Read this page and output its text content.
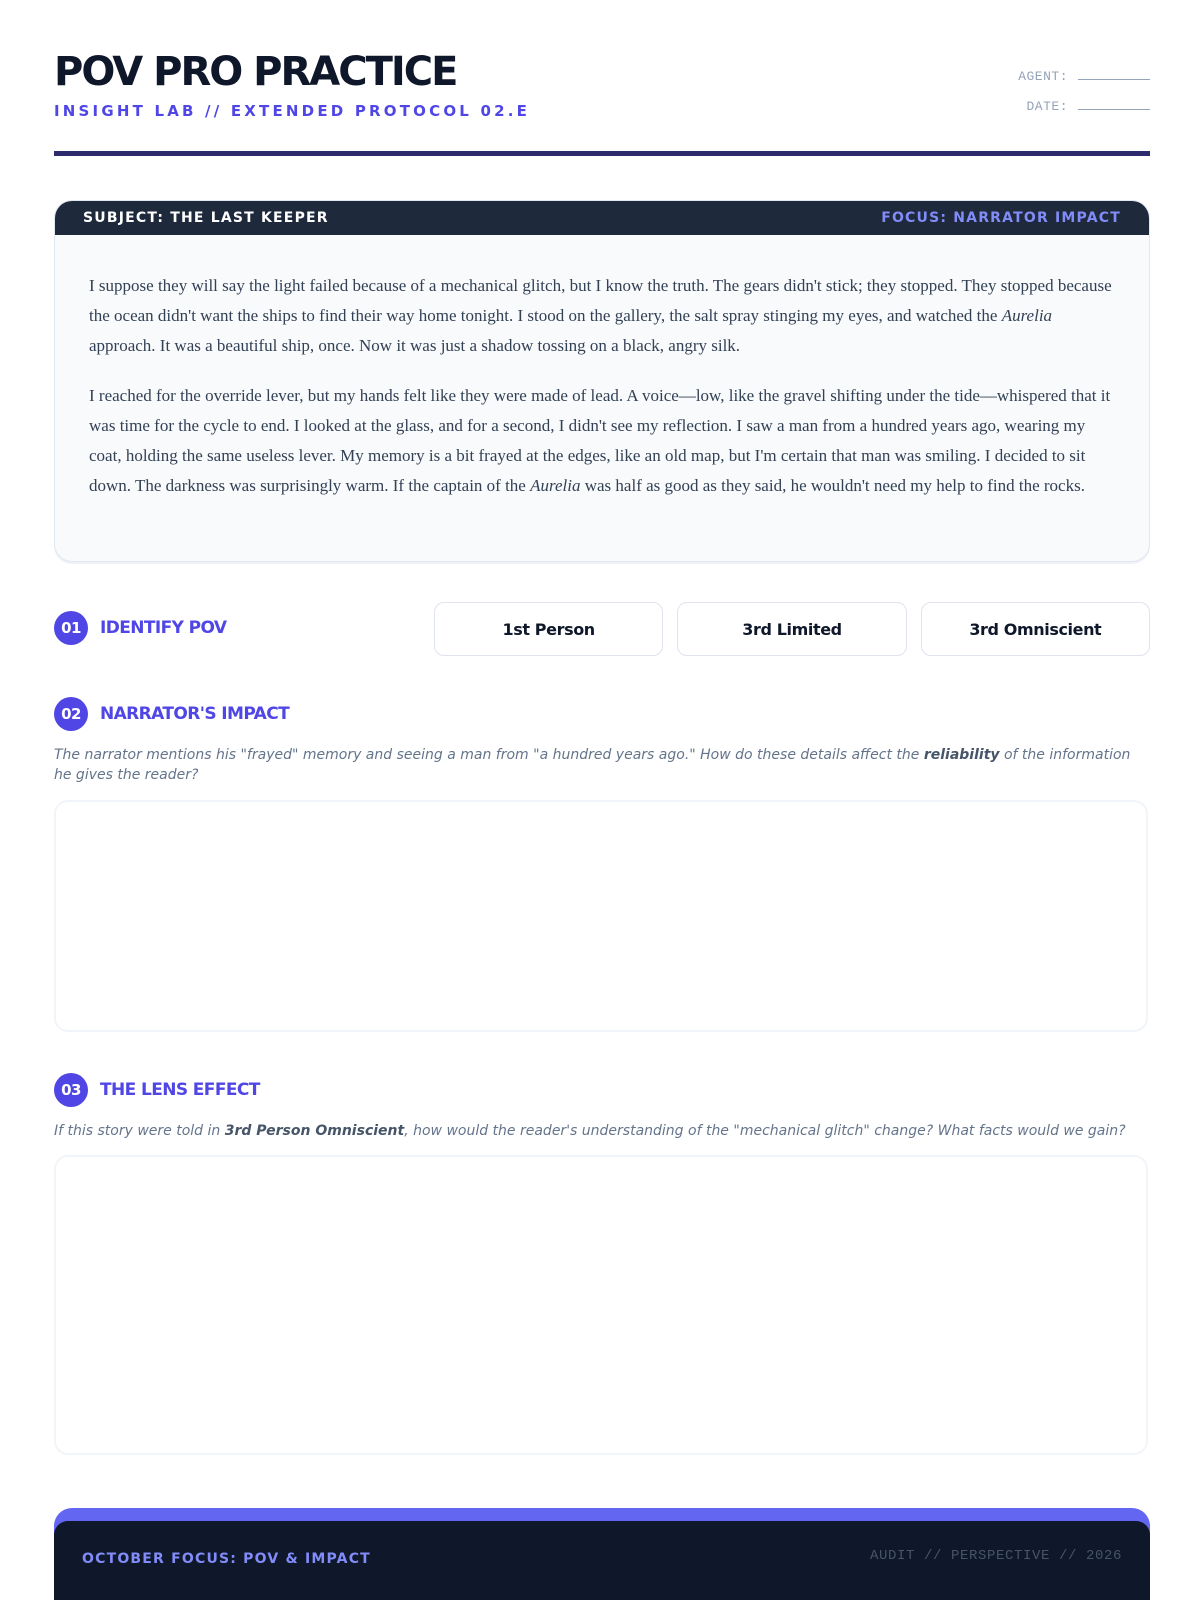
POV PRO PRACTICE
INSIGHT LAB // EXTENDED PROTOCOL 02.E
AGENT:
DATE:
SUBJECT: THE LAST KEEPER	FOCUS: NARRATOR IMPACT

I suppose they will say the light failed because of a mechanical glitch, but I know the truth. The gears didn't stick; they stopped. They stopped because the ocean didn't want the ships to find their way home tonight. I stood on the gallery, the salt spray stinging my eyes, and watched the Aurelia approach. It was a beautiful ship, once. Now it was just a shadow tossing on a black, angry silk.

I reached for the override lever, but my hands felt like they were made of lead. A voice—low, like the gravel shifting under the tide—whispered that it was time for the cycle to end. I looked at the glass, and for a second, I didn't see my reflection. I saw a man from a hundred years ago, wearing my coat, holding the same useless lever. My memory is a bit frayed at the edges, like an old map, but I'm certain that man was smiling. I decided to sit down. The darkness was surprisingly warm. If the captain of the Aurelia was half as good as they said, he wouldn't need my help to find the rocks.

01	IDENTIFY POV	1st Person	3rd Limited	3rd Omniscient
02	NARRATOR'S IMPACT

The narrator mentions his "frayed" memory and seeing a man from "a hundred years ago." How do these details affect the reliability of the information he gives the reader?

03	THE LENS EFFECT

If this story were told in 3rd Person Omniscient, how would the reader's understanding of the "mechanical glitch" change? What facts would we gain?

OCTOBER FOCUS: POV & IMPACT	AUDIT // PERSPECTIVE // 2026
